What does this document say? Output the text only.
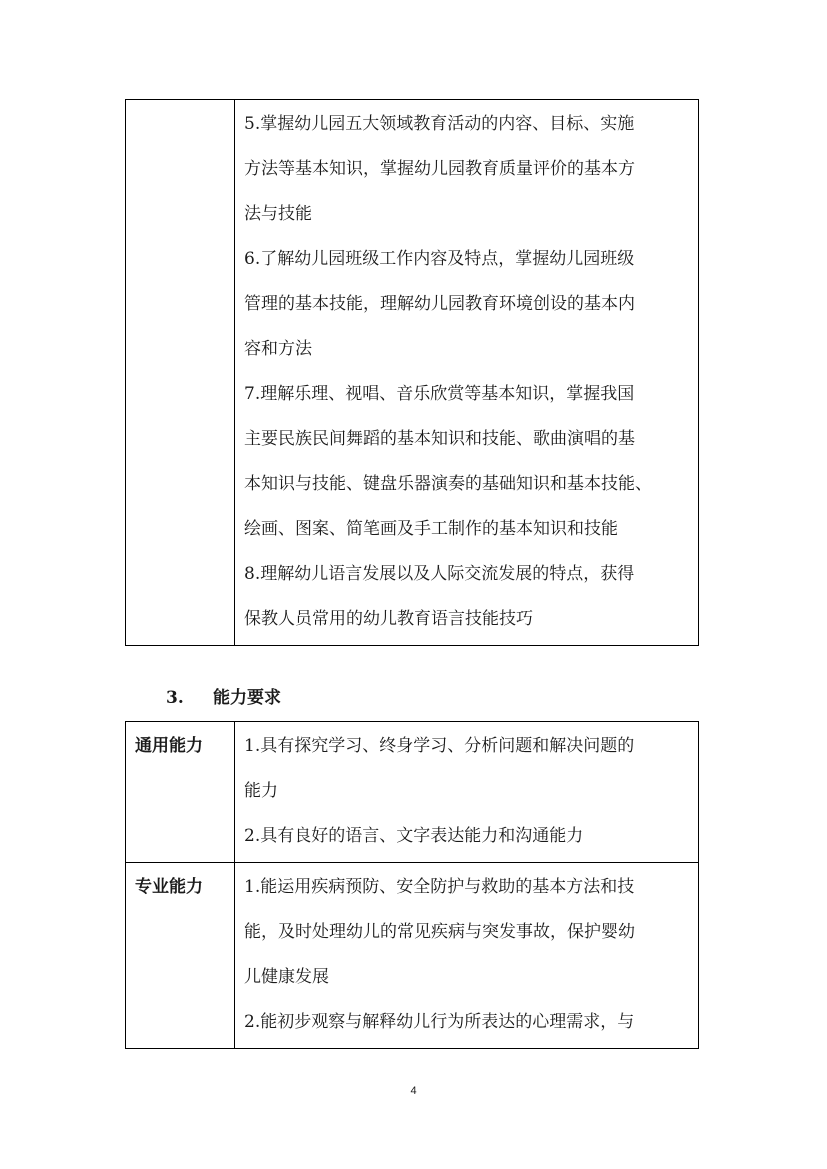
5.掌握幼儿园五大领域教育活动的内容、目标、实施
方法等基本知识，掌握幼儿园教育质量评价的基本方
法与技能
6.了解幼儿园班级工作内容及特点，掌握幼儿园班级
管理的基本技能，理解幼儿园教育环境创设的基本内
容和方法
7.理解乐理、视唱、音乐欣赏等基本知识，掌握我国
主要民族民间舞蹈的基本知识和技能、歌曲演唱的基
本知识与技能、键盘乐器演奏的基础知识和基本技能、
绘画、图案、简笔画及手工制作的基本知识和技能
8.理解幼儿语言发展以及人际交流发展的特点，获得
保教人员常用的幼儿教育语言技能技巧
3. 能力要求
通用能力	1.具有探究学习、终身学习、分析问题和解决问题的
能力
2.具有良好的语言、文字表达能力和沟通能力

专业能力	1.能运用疾病预防、安全防护与救助的基本方法和技
能，及时处理幼儿的常见疾病与突发事故，保护婴幼
儿健康发展
2.能初步观察与解释幼儿行为所表达的心理需求，与
4
